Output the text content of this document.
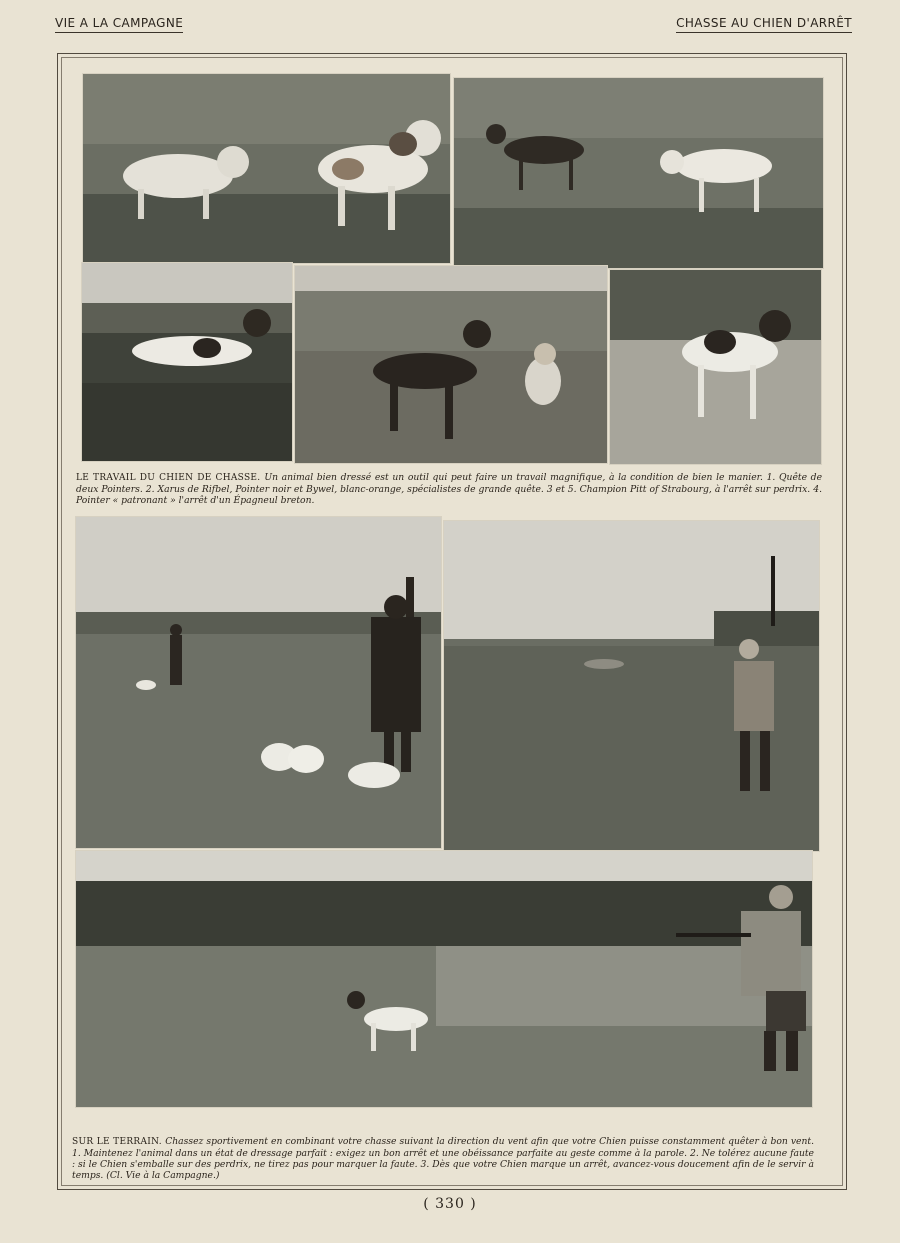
VIE A LA CAMPAGNE	CHASSE AU CHIEN D'ARRÊT
LE TRAVAIL DU CHIEN DE CHASSE. Un animal bien dressé est un outil qui peut faire un travail magnifique, à la condition de bien le manier. 1. Quête de deux Pointers. 2. Xarus de Rifbel, Pointer noir et Bywel, blanc-orange, spécialistes de grande quête. 3 et 5. Champion Pitt of Strabourg, à l'arrêt sur perdrix. 4. Pointer « patronant » l'arrêt d'un Épagneul breton.
SUR LE TERRAIN. Chassez sportivement en combinant votre chasse suivant la direction du vent afin que votre Chien puisse constamment quêter à bon vent. 1. Maintenez l'animal dans un état de dressage parfait : exigez un bon arrêt et une obéissance parfaite au geste comme à la parole. 2. Ne tolérez aucune faute : si le Chien s'emballe sur des perdrix, ne tirez pas pour marquer la faute. 3. Dès que votre Chien marque un arrêt, avancez-vous doucement afin de le servir à temps. (Cl. Vie à la Campagne.)
( 330 )
